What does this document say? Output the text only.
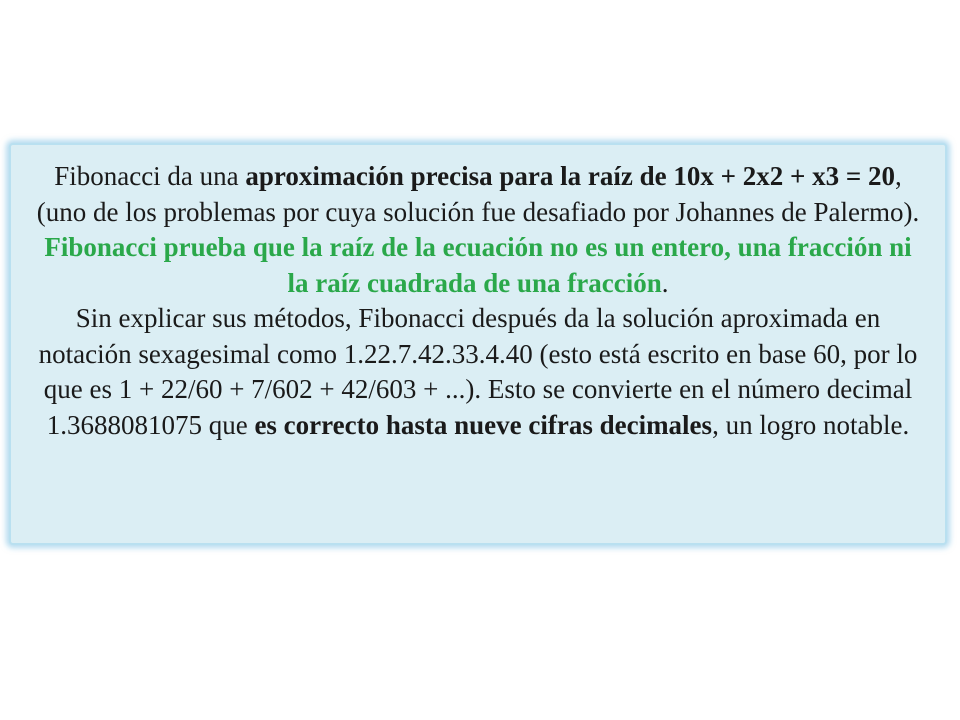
Fibonacci da una aproximación precisa para la raíz de 10x + 2x2 + x3 = 20, (uno de los problemas por cuya solución fue desafiado por Johannes de Palermo). Fibonacci prueba que la raíz de la ecuación no es un entero, una fracción ni la raíz cuadrada de una fracción.

Sin explicar sus métodos, Fibonacci después da la solución aproximada en notación sexagesimal como 1.22.7.42.33.4.40 (esto está escrito en base 60, por lo que es 1 + 22/60 + 7/602 + 42/603 + ...). Esto se convierte en el número decimal 1.3688081075 que es correcto hasta nueve cifras decimales, un logro notable.
